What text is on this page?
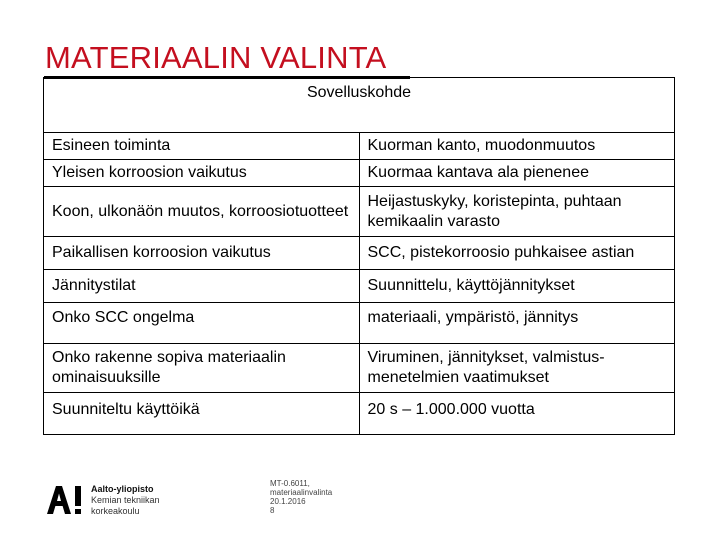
MATERIAALIN VALINTA
Sovelluskohde	
Esineen toiminta	Kuorman kanto, muodonmuutos
Yleisen korroosion vaikutus	Kuormaa kantava ala pienenee
Koon, ulkonäön muutos, korroosiotuotteet	Heijastuskyky, koristepinta, puhtaan kemikaalin varasto
Paikallisen korroosion vaikutus	SCC, pistekorroosio puhkaisee astian
Jännitystilat	Suunnittelu, käyttöjännitykset
Onko SCC ongelma	materiaali, ympäristö, jännitys
Onko rakenne sopiva materiaalin ominaisuuksille	Viruminen, jännitykset, valmistus-menetelmien vaatimukset
Suunniteltu käyttöikä	20 s – 1.000.000 vuotta
Aalto-yliopisto
Kemian tekniikan
korkeakoulu
MT-0.6011,
materiaalinvalinta
20.1.2016
8
